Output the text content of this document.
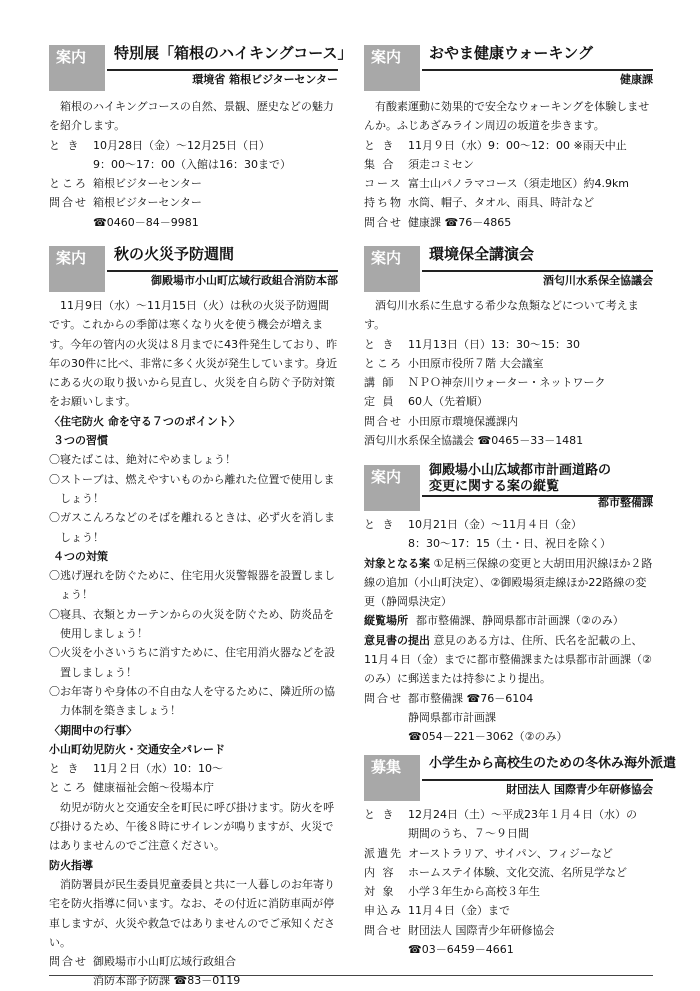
案内	特別展「箱根のハイキングコース」
環境省 箱根ビジターセンター
箱根のハイキングコースの自然、景観、歴史などの魅力を紹介します。
と き	10月28日（金）～12月25日（日）
9：00～17：00（入館は16：30まで）
ところ 箱根ビジターセンター
問合せ 箱根ビジターセンター
☎0460－84－9981
案内	秋の火災予防週間
御殿場市小山町広域行政組合消防本部
11月9日（水）～11月15日（火）は秋の火災予防週間です。これからの季節は寒くなり火を使う機会が増えます。今年の管内の火災は８月までに43件発生しており、昨年の30件に比べ、非常に多く火災が発生しています。身近にある火の取り扱いから見直し、火災を自ら防ぐ予防対策をお願いします。
〈住宅防火 命を守る７つのポイント〉
３つの習慣
〇寝たばこは、絶対にやめましょう！
〇ストーブは、燃えやすいものから離れた位置で使用しましょう！
〇ガスこんろなどのそばを離れるときは、必ず火を消しましょう！
４つの対策
〇逃げ遅れを防ぐために、住宅用火災警報器を設置しましょう！
〇寝具、衣類とカーテンからの火災を防ぐため、防炎品を使用しましょう！
〇火災を小さいうちに消すために、住宅用消火器などを設置しましょう！
〇お年寄りや身体の不自由な人を守るために、隣近所の協力体制を築きましょう！
〈期間中の行事〉
小山町幼児防火・交通安全パレード
と き	11月２日（水）10：10～
ところ 健康福祉会館～役場本庁
幼児が防火と交通安全を町民に呼び掛けます。防火を呼び掛けるため、午後８時にサイレンが鳴りますが、火災ではありませんのでご注意ください。
防火指導
消防署員が民生委員児童委員と共に一人暮しのお年寄り宅を防火指導に伺います。なお、その付近に消防車両が停車しますが、火災や救急ではありませんのでご承知ください。
問合せ 御殿場市小山町広域行政組合
消防本部予防課 ☎83－0119
案内	おやま健康ウォーキング
健康課
有酸素運動に効果的で安全なウォーキングを体験しませんか。ふじあざみライン周辺の坂道を歩きます。
と き	11月９日（水）9：00～12：00 ※雨天中止
集 合	須走コミセン
コース 富士山パノラマコース（須走地区）約4.9km
持ち物 水筒、帽子、タオル、雨具、時計など
問合せ 健康課 ☎76－4865
案内	環境保全講演会
酒匂川水系保全協議会
酒匂川水系に生息する希少な魚類などについて考えます。
と き	11月13日（日）13：30～15：30
ところ 小田原市役所７階 大会議室
講 師	ＮＰＯ神奈川ウォーター・ネットワーク
定 員	60人（先着順）
問合せ 小田原市環境保護課内
酒匂川水系保全協議会 ☎0465－33－1481
案内	御殿場小山広域都市計画道路の
変更に関する案の縦覧
都市整備課
と き	10月21日（金）～11月４日（金）
8：30～17：15（土・日、祝日を除く）
対象となる案 ①足柄三保線の変更と大胡田用沢線ほか２路線の追加（小山町決定）、②御殿場須走線ほか22路線の変更（静岡県決定）
縦覧場所 都市整備課、静岡県都市計画課（②のみ）
意見書の提出 意見のある方は、住所、氏名を記載の上、11月４日（金）までに都市整備課または県都市計画課（②のみ）に郵送または持参により提出。
問合せ 都市整備課 ☎76－6104
静岡県都市計画課
☎054－221－3062（②のみ）
募集	小学生から高校生のための冬休み海外派遣
財団法人 国際青少年研修協会
と き	12月24日（土）～平成23年１月４日（水）の
期間のうち、７～９日間
派遣先 オーストラリア、サイパン、フィジーなど
内 容	ホームステイ体験、文化交流、名所見学など
対 象	小学３年生から高校３年生
申込み 11月４日（金）まで
問合せ 財団法人 国際青少年研修協会
☎03－6459－4661
